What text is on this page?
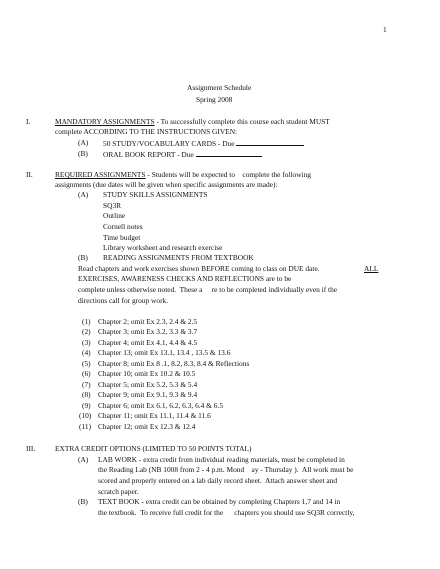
1
Assignment Schedule
Spring 2008
I.	MANDATORY ASSIGNMENTS - To successfully complete this course each student MUST
complete ACCORDING TO THE INSTRUCTIONS GIVEN:
(A) 50 STUDY/VOCABULARY CARDS - Due
(B) ORAL BOOK REPORT - Due
II.	REQUIRED ASSIGNMENTS - Students will be expected to    complete the following
assignments (due dates will be given when specific assignments are made):
(A) STUDY SKILLS ASSIGNMENTS
SQ3R
Outline
Cornell notes
Time budget
Library worksheet and research exercise
(B) READING ASSIGNMENTS FROM TEXTBOOK
Read chapters and work exercises shown BEFORE coming to class on DUE date.	ALL
EXERCISES, AWARENESS CHECKS AND REFLECTIONS are to be
complete unless otherwise noted.  These a     re to be completed individually even if the
directions call for group work.
(1) Chapter 2; omit Ex 2.3, 2.4 & 2.5
(2) Chapter 3; omit Ex 3.2, 3.3 & 3.7
(3) Chapter 4; omit Ex 4.1, 4.4 & 4.5
(4) Chapter 13; omit Ex 13.1, 13.4 , 13.5 & 13.6
(5) Chapter 8; omit Ex 8 .1, 8.2, 8.3, 8.4 & Reflections
(6) Chapter 10; omit Ex 10.2 & 10.5
(7) Chapter 5; omit Ex 5.2, 5.3 & 5.4
(8) Chapter 9; omit Ex 9.1, 9.3 & 9.4
(9) Chapter 6; omit Ex 6.1, 6.2, 6.3, 6.4 & 6.5
(10) Chapter 11; omit Ex 11.1, 11.4 & 11.6
(11) Chapter 12; omit Ex 12.3 & 12.4
III.	EXTRA CREDIT OPTIONS (LIMITED TO 50 POINTS TOTAL)
(A) LAB WORK - extra credit from individual reading materials, must be completed in
the Reading Lab (NB 1008 from 2 - 4 p.m. Mond    ay - Thursday ).  All work must be
scored and properly entered on a lab daily record sheet.  Attach answer sheet and
scratch paper.
(B) TEXT BOOK - extra credit can be obtained by completing Chapters 1,7 and 14 in
the textbook.  To receive full credit for the      chapters you should use SQ3R correctly,
